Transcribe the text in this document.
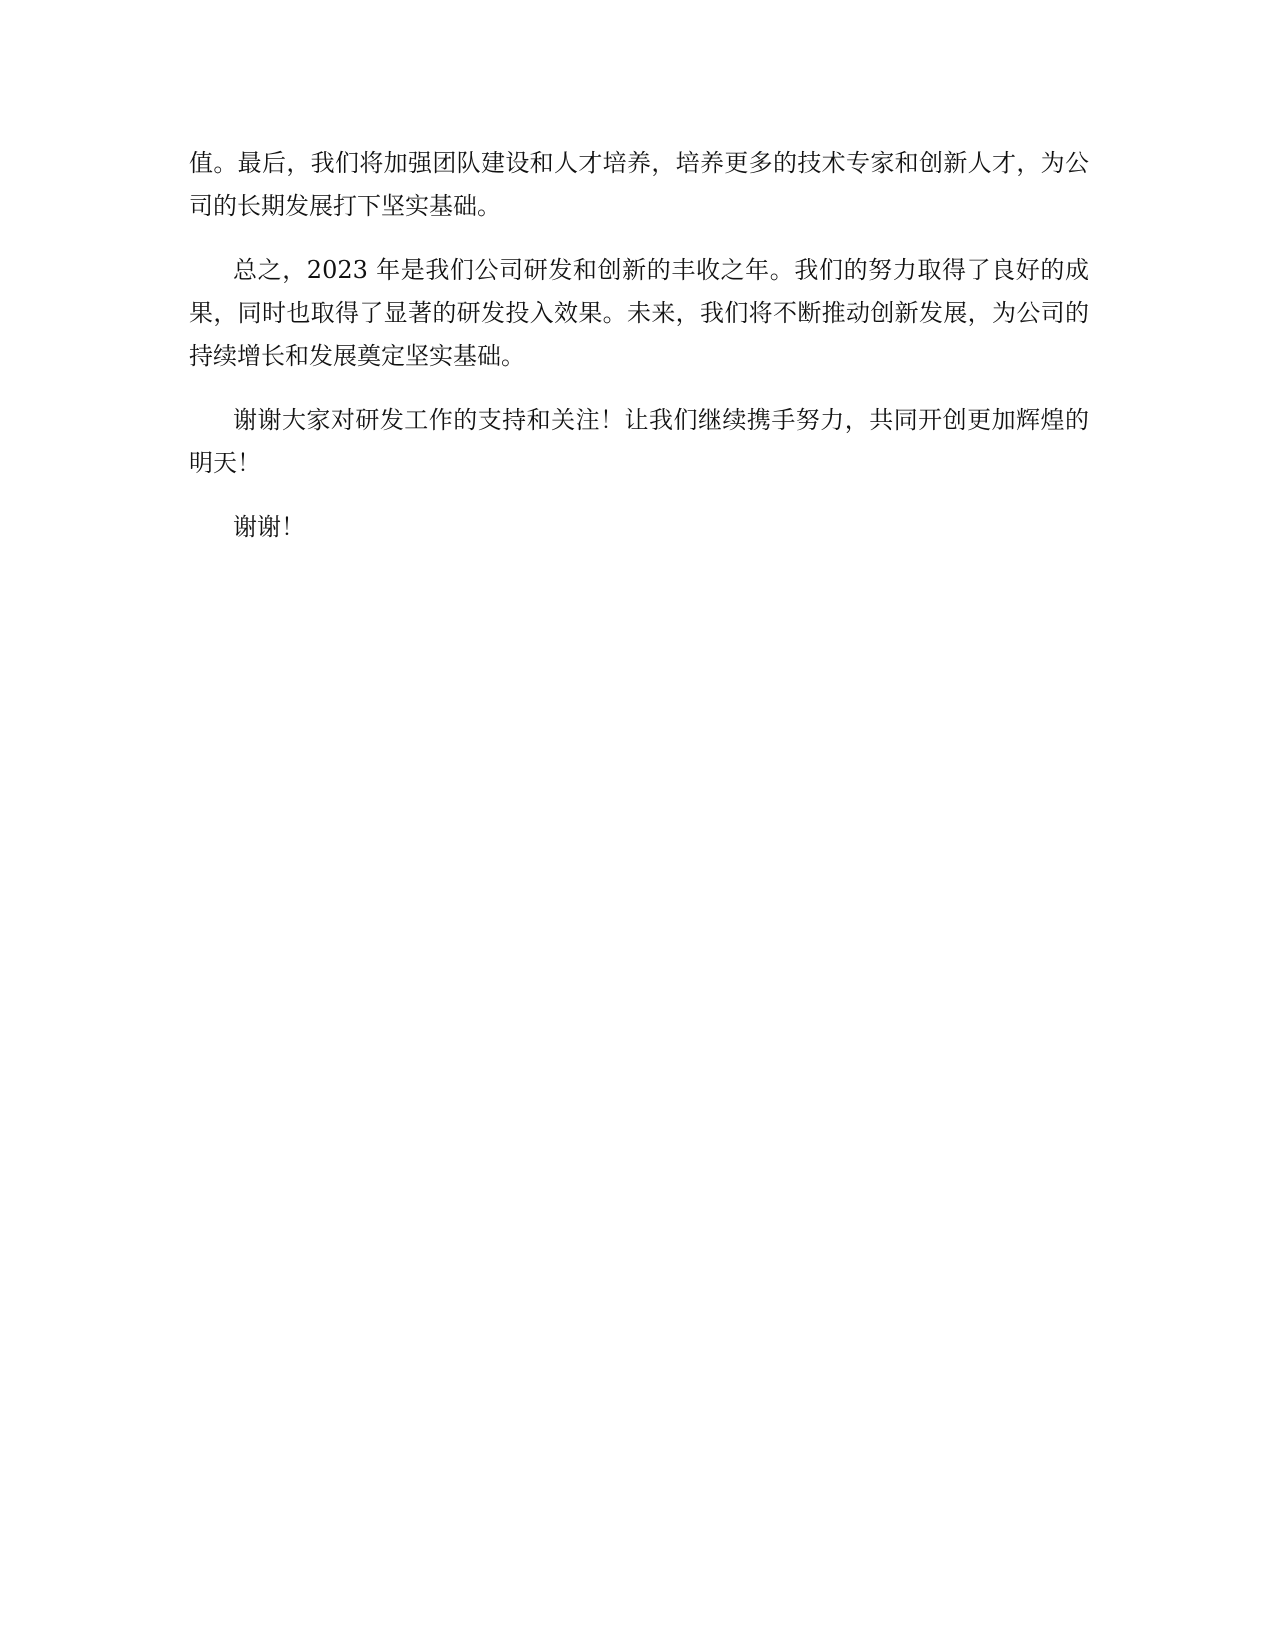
值。最后，我们将加强团队建设和人才培养，培养更多的技术专家和创新人才，为公司的长期发展打下坚实基础。

总之，2023 年是我们公司研发和创新的丰收之年。我们的努力取得了良好的成果，同时也取得了显著的研发投入效果。未来，我们将不断推动创新发展，为公司的持续增长和发展奠定坚实基础。

谢谢大家对研发工作的支持和关注！让我们继续携手努力，共同开创更加辉煌的明天！

谢谢！
